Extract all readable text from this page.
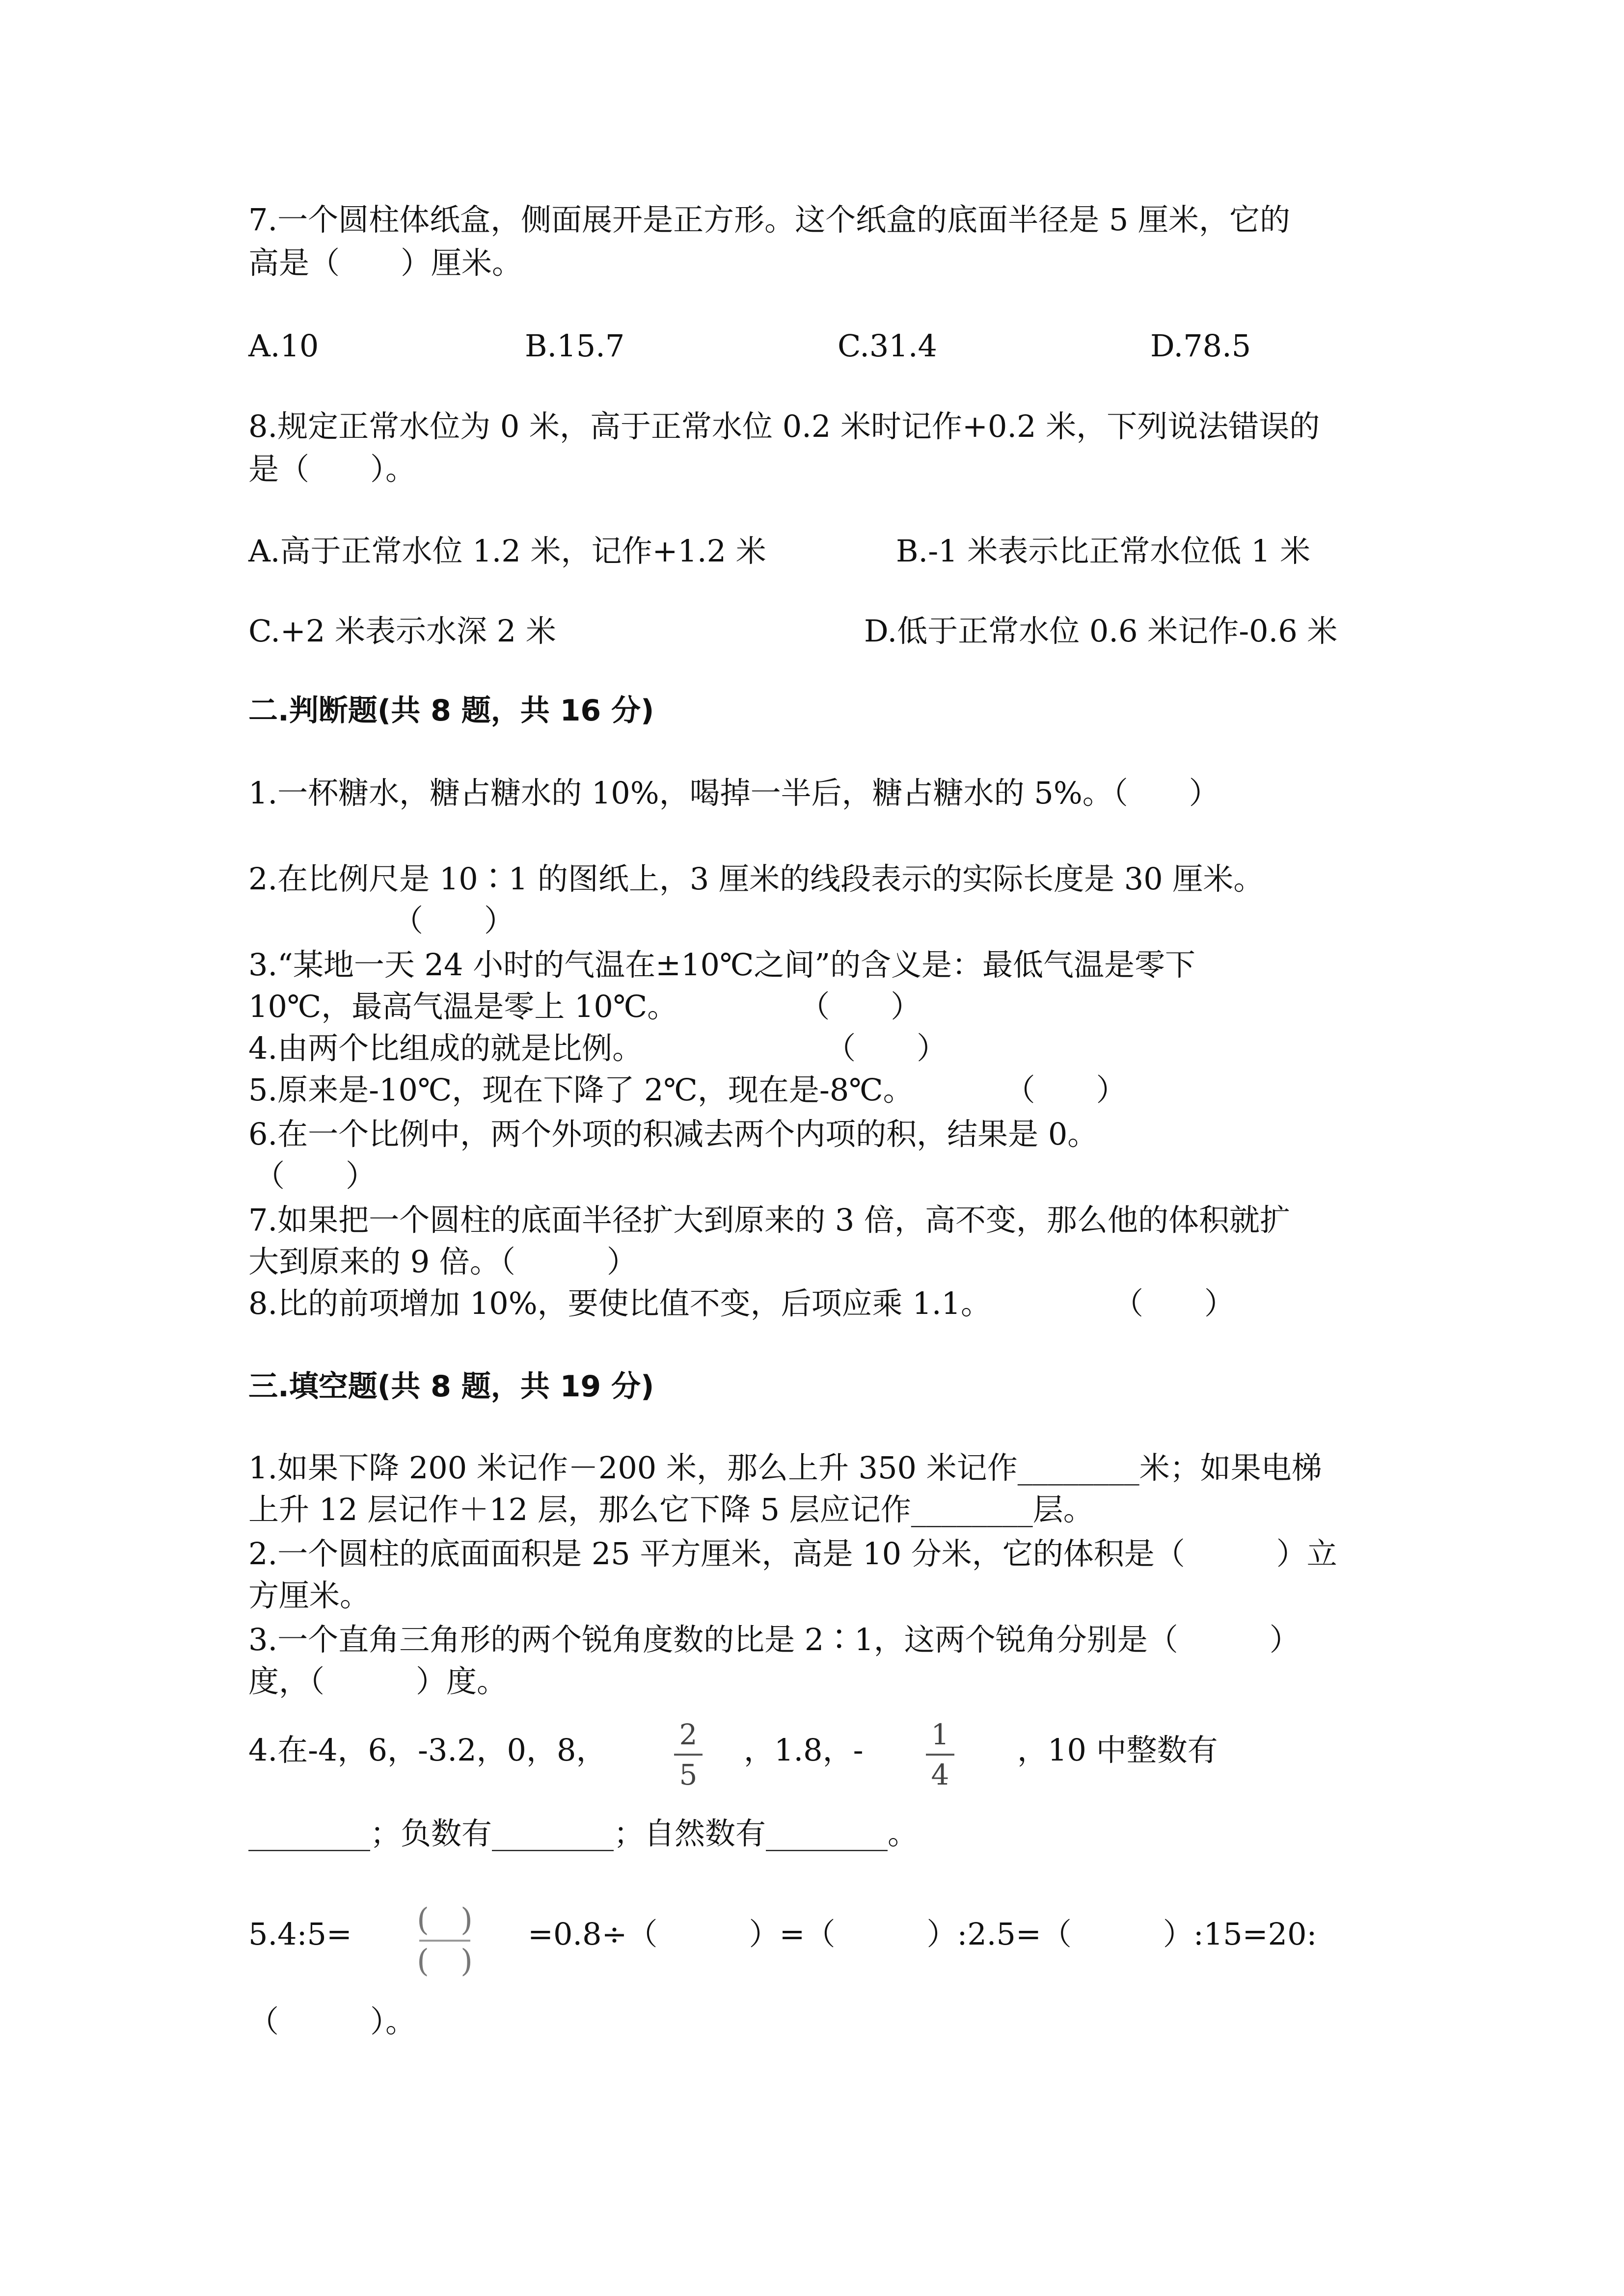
7.一个圆柱体纸盒，侧面展开是正方形。这个纸盒的底面半径是 5 厘米，它的
高是（　　）厘米。
A.10	B.15.7	C.31.4	D.78.5
8.规定正常水位为 0 米，高于正常水位 0.2 米时记作+0.2 米，下列说法错误的
是（　　）。
A.高于正常水位 1.2 米，记作+1.2 米	B.-1 米表示比正常水位低 1 米
C.+2 米表示水深 2 米	D.低于正常水位 0.6 米记作-0.6 米
二.判断题(共 8 题，共 16 分)
1.一杯糖水，糖占糖水的 10%，喝掉一半后，糖占糖水的 5%。（　　）
2.在比例尺是 10∶1 的图纸上，3 厘米的线段表示的实际长度是 30 厘米。
（　　）
3.“某地一天 24 小时的气温在±10℃之间”的含义是：最低气温是零下
10℃，最高气温是零上 10℃。　　　　　（　　）
4.由两个比组成的就是比例。　　　　　　　（　　）
5.原来是-10℃，现在下降了 2℃，现在是-8℃。　　　　（　　）
6.在一个比例中，两个外项的积减去两个内项的积，结果是 0。
（　　）
7.如果把一个圆柱的底面半径扩大到原来的 3 倍，高不变，那么他的体积就扩
大到原来的 9 倍。（　　　）
8.比的前项增加 10%，要使比值不变，后项应乘 1.1。　　　　　（　　）
三.填空题(共 8 题，共 19 分)
1.如果下降 200 米记作－200 米，那么上升 350 米记作________米；如果电梯
上升 12 层记作＋12 层，那么它下降 5 层应记作________层。
2.一个圆柱的底面面积是 25 平方厘米，高是 10 分米，它的体积是（　　　）立
方厘米。
3.一个直角三角形的两个锐角度数的比是 2∶1，这两个锐角分别是（　　　）
度，（　　　）度。
4.在-4，6，-3.2，0，8，	2
5
，1.8，- 1
4
，10 中整数有
________；负数有________；自然数有________。
5.4:5= (　)
(　)
=0.8÷（　　　）=（　　　）:2.5=（　　　）:15=20:
（　　　）。
